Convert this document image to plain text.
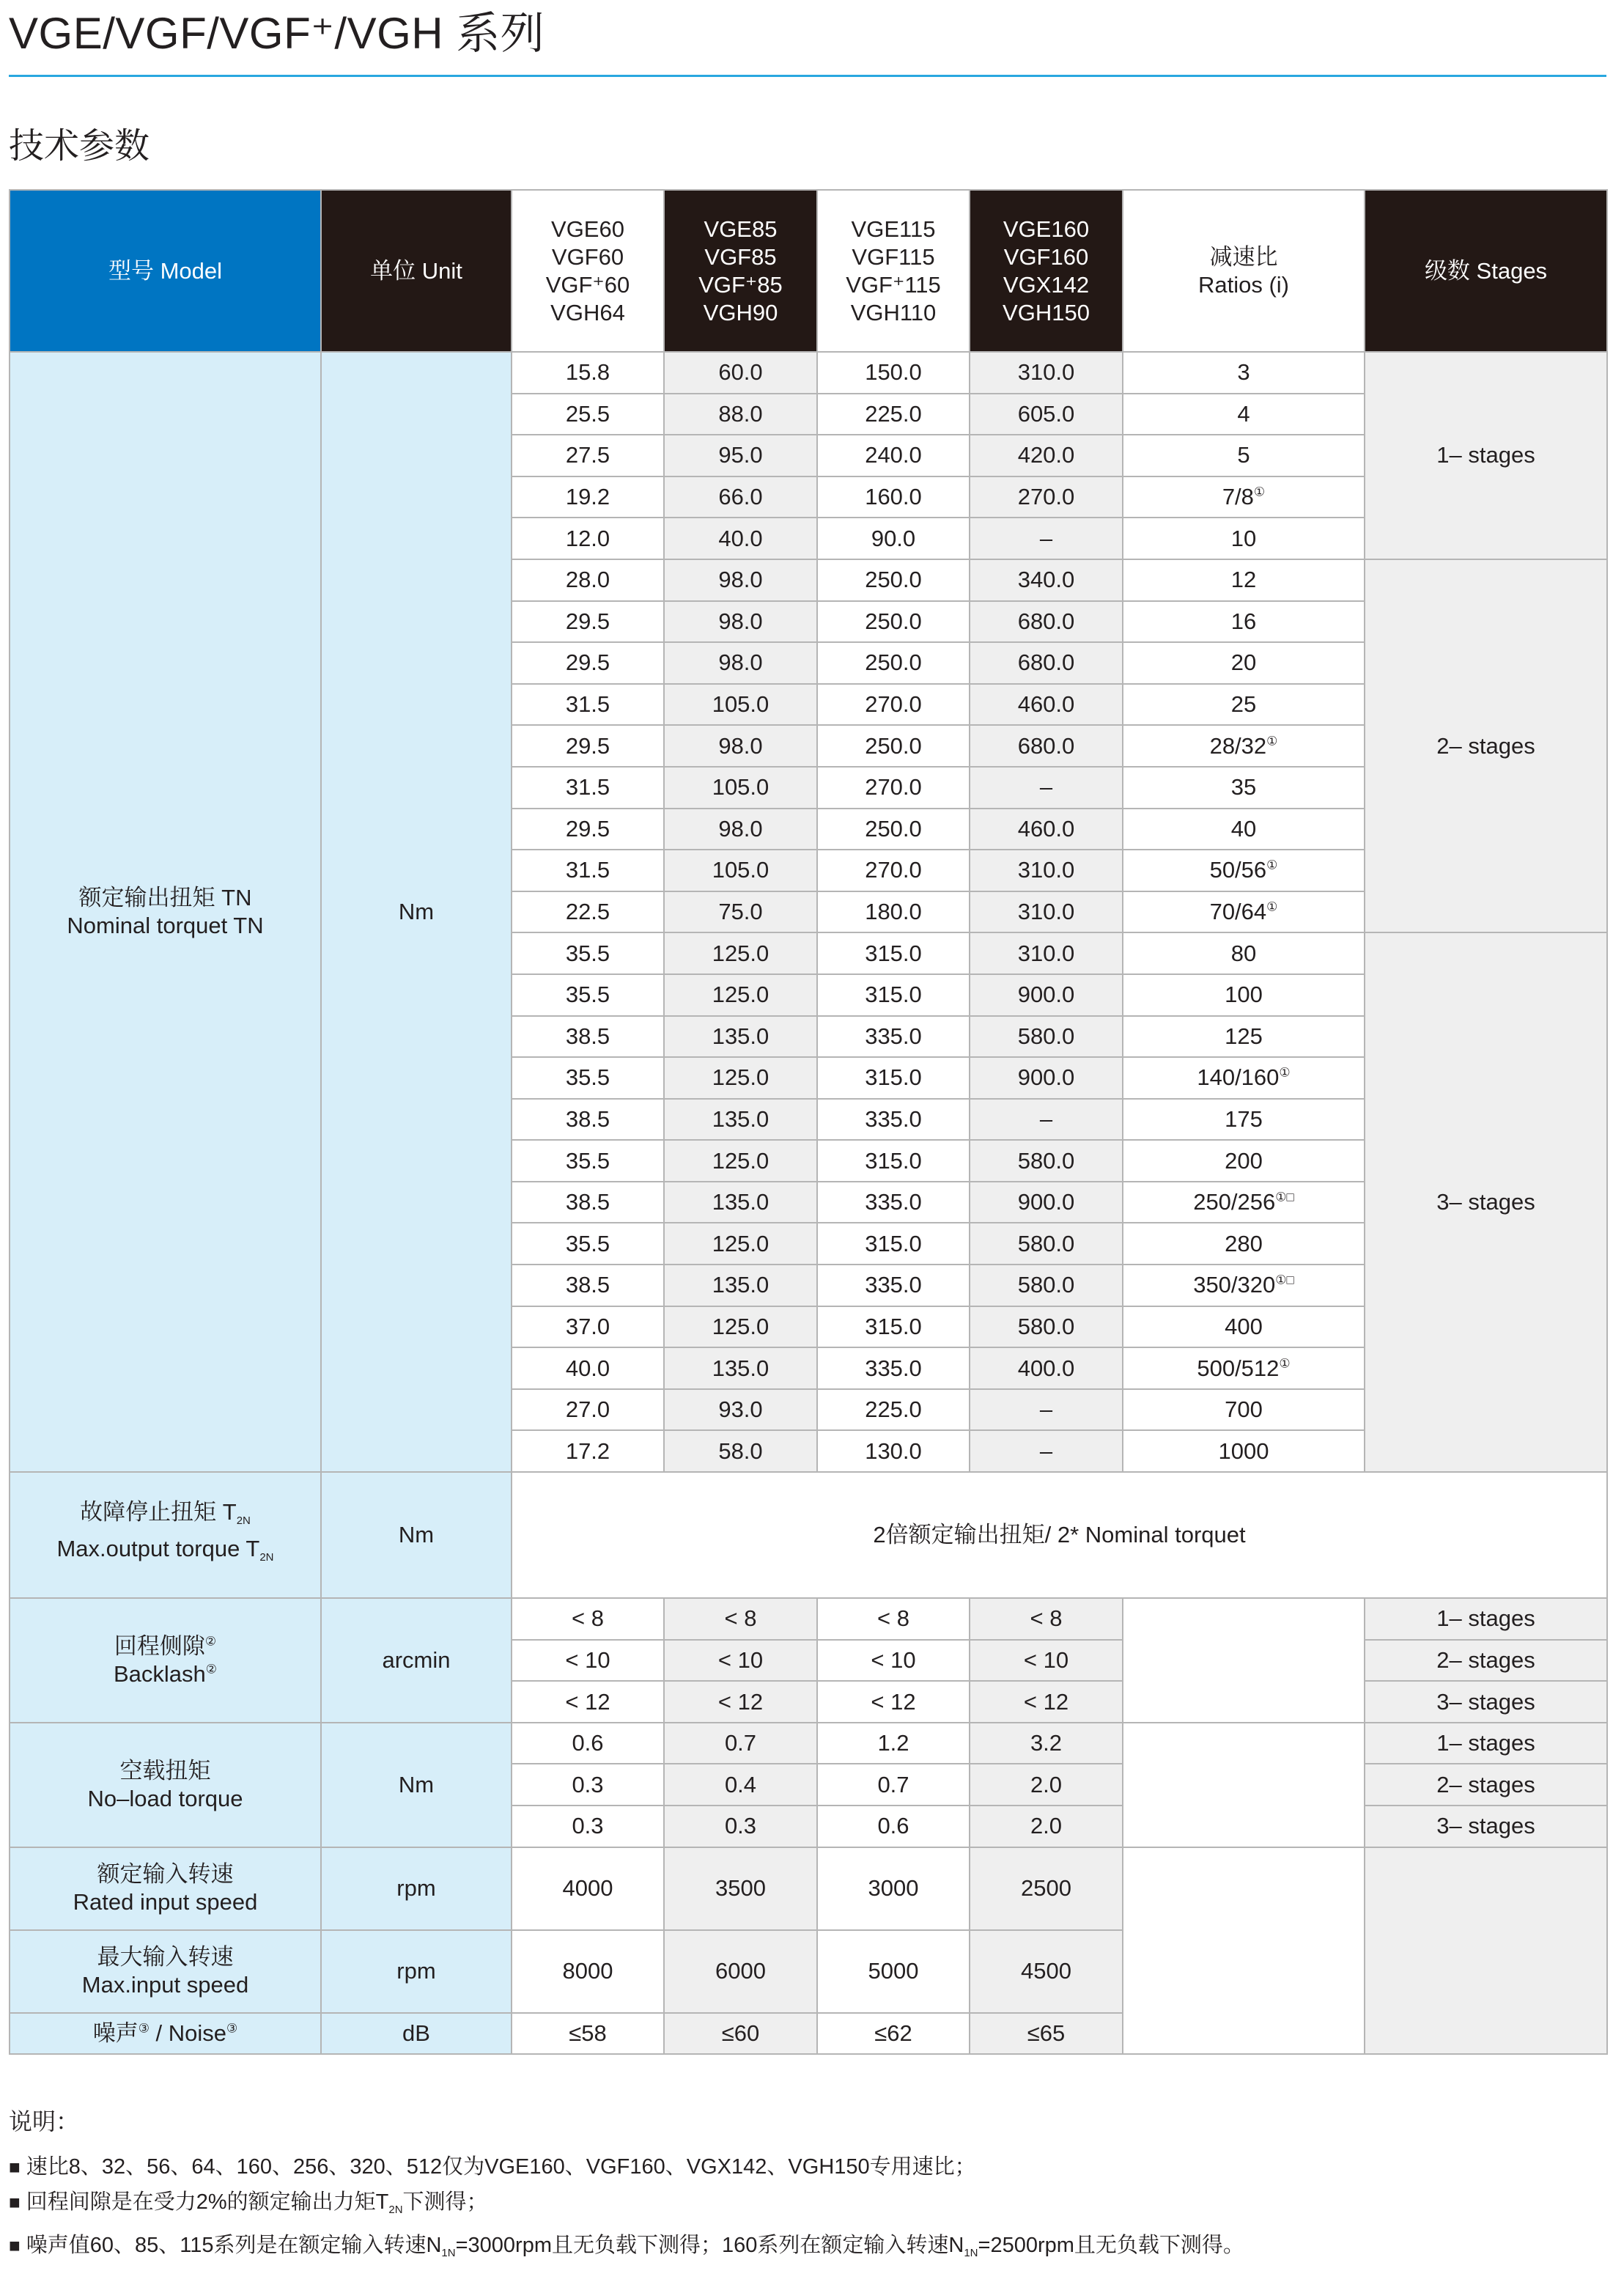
VGE/VGF/VGF⁺/VGH 系列
技术参数
型号 Model	单位 Unit	VGE60
VGF60
VGF⁺60
VGH64	VGE85
VGF85
VGF⁺85
VGH90	VGE115
VGF115
VGF⁺115
VGH110	VGE160
VGF160
VGX142
VGH150	减速比
Ratios (i)	级数 Stages

额定输出扭矩 TN
Nominal torquet TN	Nm	15.8	60.0	150.0	310.0	3	1– stages
		25.5	88.0	225.0	605.0	4	
		27.5	95.0	240.0	420.0	5	
		19.2	66.0	160.0	270.0	7/8①
		12.0	40.0	90.0	–	10	
		28.0	98.0	250.0	340.0	12	2– stages
		29.5	98.0	250.0	680.0	16	
		29.5	98.0	250.0	680.0	20	
		31.5	105.0	270.0	460.0	25	
		29.5	98.0	250.0	680.0	28/32①
		31.5	105.0	270.0	–	35	
		29.5	98.0	250.0	460.0	40	
		31.5	105.0	270.0	310.0	50/56①
		22.5	75.0	180.0	310.0	70/64①
		35.5	125.0	315.0	310.0	80	3– stages
		35.5	125.0	315.0	900.0	100	
		38.5	135.0	335.0	580.0	125	
		35.5	125.0	315.0	900.0	140/160①
		38.5	135.0	335.0	–	175	
		35.5	125.0	315.0	580.0	200	
		38.5	135.0	335.0	900.0	250/256①□
		35.5	125.0	315.0	580.0	280	
		38.5	135.0	335.0	580.0	350/320①□
		37.0	125.0	315.0	580.0	400	
		40.0	135.0	335.0	400.0	500/512①
		27.0	93.0	225.0	–	700	
		17.2	58.0	130.0	–	1000	

故障停止扭矩 $T_{2N}$
Max.output torque $T_{2N}$	Nm	2倍额定输出扭矩/ 2* Nominal torquet					

回程侧隙②
Backlash②	arcmin	< 8	< 8	< 8	< 8		1– stages
		< 10	< 10	< 10	< 10		2– stages
		< 12	< 12	< 12	< 12		3– stages

空载扭矩
No–load torque	Nm	0.6	0.7	1.2	3.2		1– stages
		0.3	0.4	0.7	2.0		2– stages
		0.3	0.3	0.6	2.0		3– stages

额定输入转速
Rated input speed	rpm	4000	3500	3000	2500		

最大输入转速
Max.input speed	rpm	8000	6000	5000	4500		
噪声③ / Noise③	dB	≤58	≤60	≤62	≤65		
说明：
■ 速比8、32、56、64、160、256、320、512仅为VGE160、VGF160、VGX142、VGH150专用速比；
■ 回程间隙是在受力2%的额定输出力矩$T_{2N}$下测得；
■ 噪声值60、85、115系列是在额定输入转速$N_{1N}=3000rpm$且无负载下测得；160系列在额定输入转速$N_{1N}=2500rpm$且无负载下测得。
